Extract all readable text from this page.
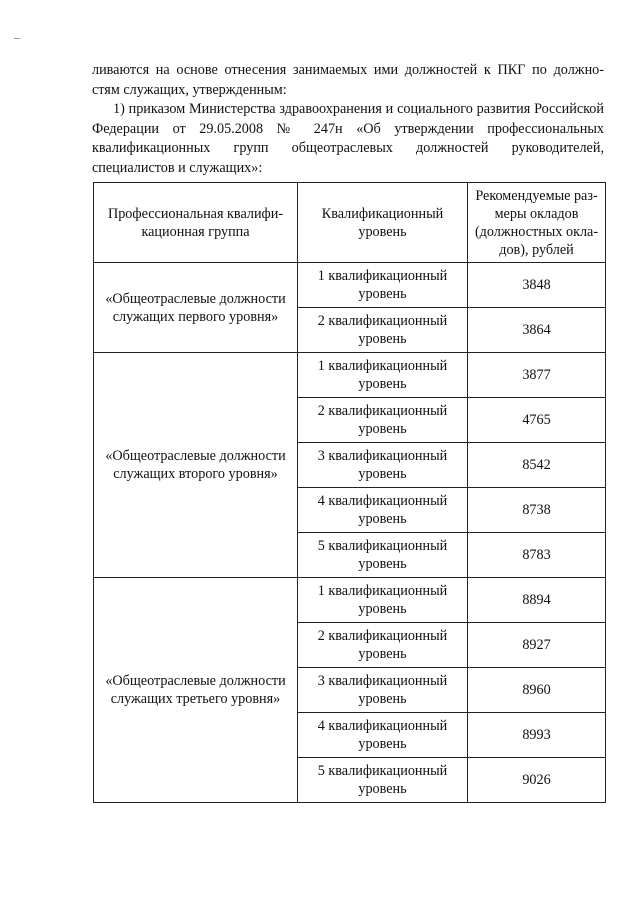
ливаются на основе отнесения занимаемых ими должностей к ПКГ по должно-

стям служащих, утвержденным:

1) приказом Министерства здравоохранения и социального развития Российской Федерации от 29.05.2008 № 247н «Об утверждении профессиональных квалификационных групп общеотраслевых должностей руководителей, специалистов и служащих»:

Профессиональная квалифи-кационная группа	Квалификационный уровень	Рекомендуемые раз-меры окладов (должностных окла-дов), рублей
«Общеотраслевые должности служащих первого уровня»	1 квалификационный уровень	3848
	2 квалификационный уровень	3864
«Общеотраслевые должности служащих второго уровня»	1 квалификационный уровень	3877
	2 квалификационный уровень	4765
	3 квалификационный уровень	8542
	4 квалификационный уровень	8738
	5 квалификационный уровень	8783
«Общеотраслевые должности служащих третьего уровня»	1 квалификационный уровень	8894
	2 квалификационный уровень	8927
	3 квалификационный уровень	8960
	4 квалификационный уровень	8993
	5 квалификационный уровень	9026
